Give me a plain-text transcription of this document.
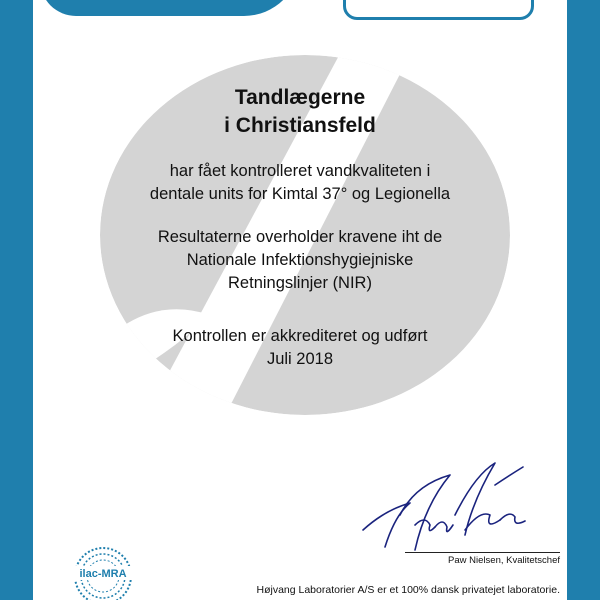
Tandlægerne

i Christiansfeld

har fået kontrolleret vandkvaliteten i

dentale units for Kimtal 37° og Legionella

Resultaterne overholder kravene iht de

Nationale Infektionshygiejniske

Retningslinjer (NIR)

Kontrollen er akkrediteret og udført

Juli 2018

Paw Nielsen, Kvalitetschef
ilac-MRA
Højvang Laboratorier A/S er et 100% dansk privatejet laboratorie.
